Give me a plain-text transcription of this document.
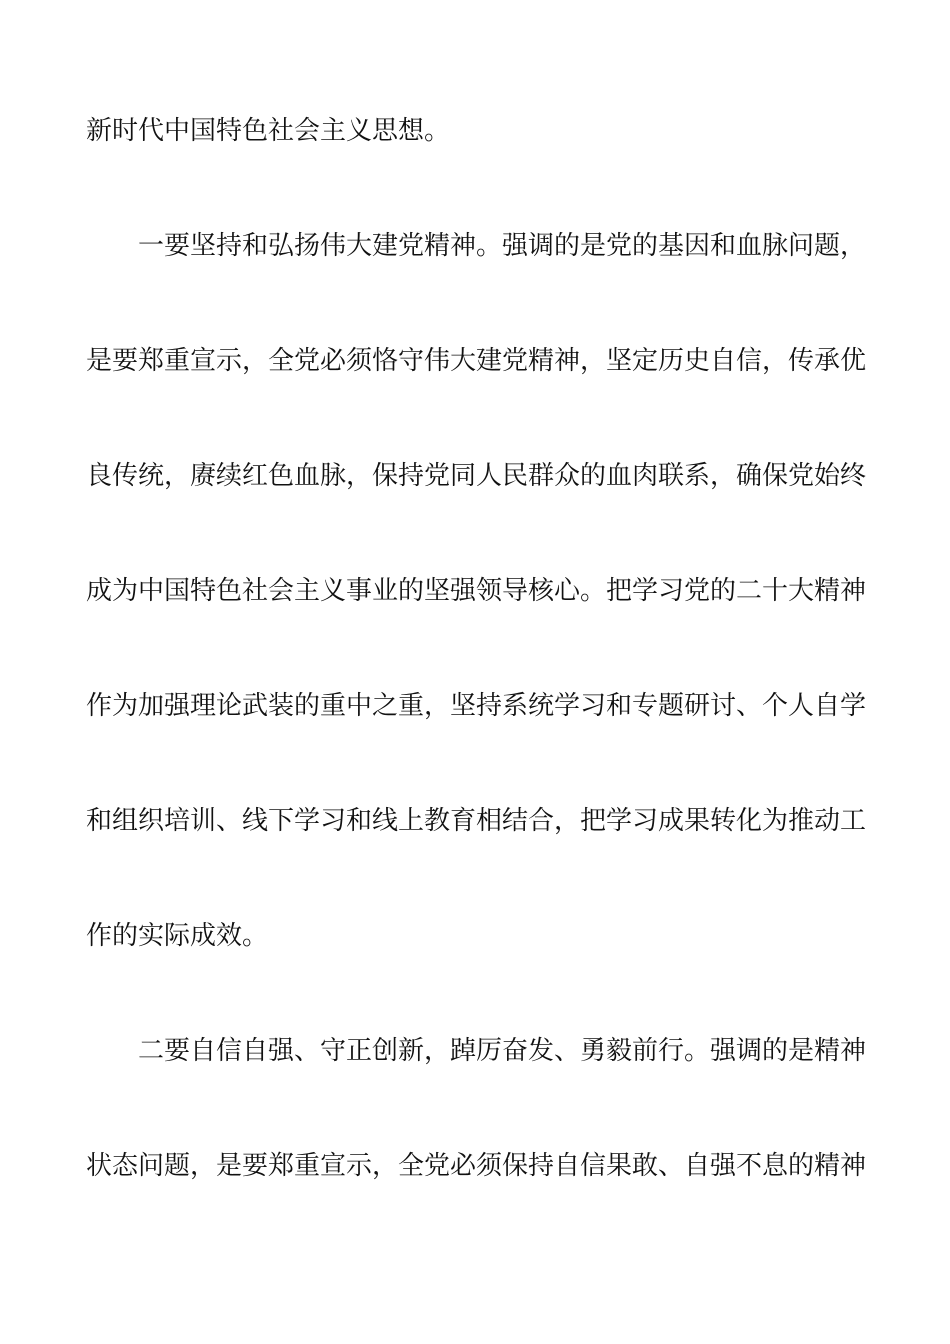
新时代中国特色社会主义思想。
一要坚持和弘扬伟大建党精神。强调的是党的基因和血脉问题，
是要郑重宣示，全党必须恪守伟大建党精神，坚定历史自信，传承优
良传统，赓续红色血脉，保持党同人民群众的血肉联系，确保党始终
成为中国特色社会主义事业的坚强领导核心。把学习党的二十大精神
作为加强理论武装的重中之重，坚持系统学习和专题研讨、个人自学
和组织培训、线下学习和线上教育相结合，把学习成果转化为推动工
作的实际成效。
二要自信自强、守正创新，踔厉奋发、勇毅前行。强调的是精神
状态问题，是要郑重宣示，全党必须保持自信果敢、自强不息的精神
